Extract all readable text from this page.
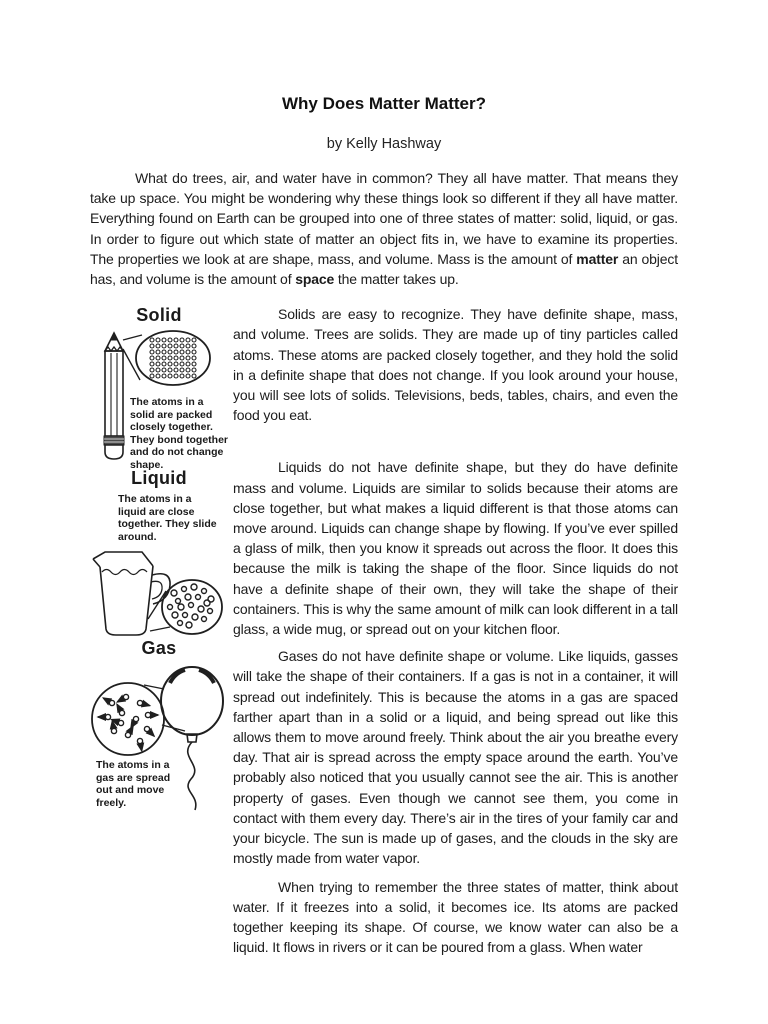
Why Does Matter Matter?
by Kelly Hashway

What do trees, air, and water have in common? They all have matter. That means they take up space. You might be wondering why these things look so different if they all have matter. Everything found on Earth can be grouped into one of three states of matter: solid, liquid, or gas. In order to figure out which state of matter an object fits in, we have to examine its properties. The properties we look at are shape, mass, and volume. Mass is the amount of matter an object has, and volume is the amount of space the matter takes up.

Solid
The atoms in a solid are packed closely together. They bond together and do not change shape.
Liquid
The atoms in a liquid are close together. They slide around.
Gas
The atoms in a gas are spread out and move freely.

Solids are easy to recognize. They have definite shape, mass, and volume. Trees are solids. They are made up of tiny particles called atoms. These atoms are packed closely together, and they hold the solid in a definite shape that does not change. If you look around your house, you will see lots of solids. Televisions, beds, tables, chairs, and even the food you eat.

Liquids do not have definite shape, but they do have definite mass and volume. Liquids are similar to solids because their atoms are close together, but what makes a liquid different is that those atoms can move around. Liquids can change shape by flowing. If you’ve ever spilled a glass of milk, then you know it spreads out across the floor. It does this because the milk is taking the shape of the floor. Since liquids do not have a definite shape of their own, they will take the shape of their containers. This is why the same amount of milk can look different in a tall glass, a wide mug, or spread out on your kitchen floor.

Gases do not have definite shape or volume. Like liquids, gasses will take the shape of their containers. If a gas is not in a container, it will spread out indefinitely. This is because the atoms in a gas are spaced farther apart than in a solid or a liquid, and being spread out like this allows them to move around freely. Think about the air you breathe every day. That air is spread across the empty space around the earth. You’ve probably also noticed that you usually cannot see the air. This is another property of gases. Even though we cannot see them, you come in contact with them every day. There’s air in the tires of your family car and your bicycle. The sun is made up of gases, and the clouds in the sky are mostly made from water vapor.

When trying to remember the three states of matter, think about water. If it freezes into a solid, it becomes ice. Its atoms are packed together keeping its shape. Of course, we know water can also be a liquid. It flows in rivers or it can be poured from a glass. When water
